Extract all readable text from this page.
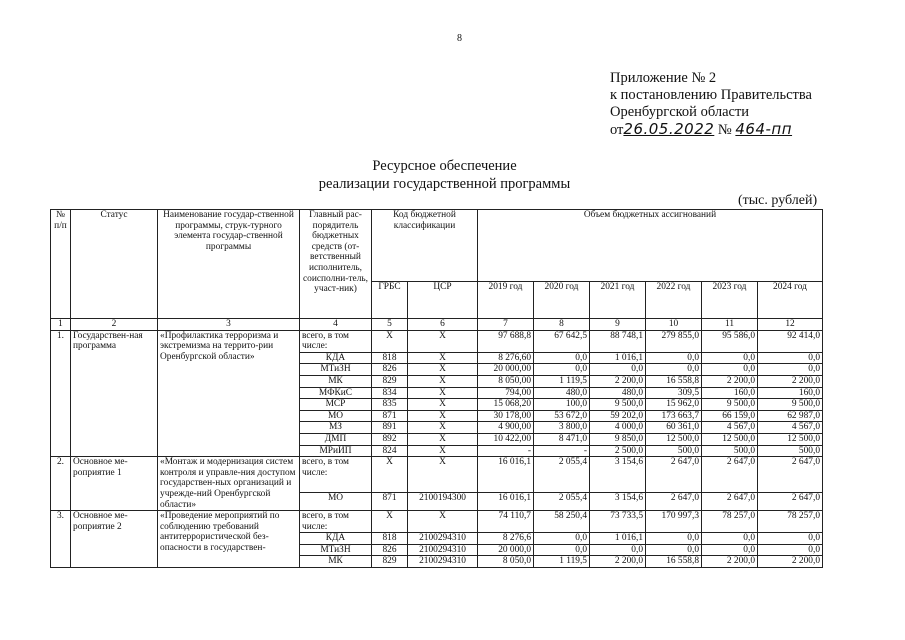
8
Приложение № 2
к постановлению Правительства
Оренбургской области
от26.05.2022 № 464-пп
Ресурсное обеспечение
реализации государственной программы
(тыс. рублей)
№ п/п	Статус	Наименование государ-ственной программы, струк-турного элемента государ-ственной программы	Главный рас-порядитель бюджетных средств (от-ветственный исполнитель, соисполни-тель, участ-ник)	Код бюджетной классификации		Объем бюджетных ассигнований					
				ГРБС	ЦСР	2019 год	2020 год	2021 год	2022 год	2023 год	2024 год
1	2	3	4	5	6	7	8	9	10	11	12
1.	Государствен-ная программа	«Профилактика терроризма и экстремизма на террито-рии Оренбургской области»	всего, в том числе:	Х	Х	97 688,8	67 642,5	88 748,1	279 855,0	95 586,0	92 414,0
			КДА	818	Х	8 276,60	0,0	1 016,1	0,0	0,0	0,0
			МТиЗН	826	Х	20 000,00	0,0	0,0	0,0	0,0	0,0
			МК	829	Х	8 050,00	1 119,5	2 200,0	16 558,8	2 200,0	2 200,0
			МФКиС	834	Х	794,00	480,0	480,0	309,5	160,0	160,0
			МСР	835	Х	15 068,20	100,0	9 500,0	15 962,0	9 500,0	9 500,0
			МО	871	Х	30 178,00	53 672,0	59 202,0	173 663,7	66 159,0	62 987,0
			МЗ	891	Х	4 900,00	3 800,0	4 000,0	60 361,0	4 567,0	4 567,0
			ДМП	892	Х	10 422,00	8 471,0	9 850,0	12 500,0	12 500,0	12 500,0
			МРиИП	824	Х	-	-	2 500,0	500,0	500,0	500,0
2.	Основное ме-роприятие 1	«Монтаж и модернизация систем контроля и управле-ния доступом государствен-ных организаций и учрежде-ний Оренбургской области»	всего, в том числе:	Х	Х	16 016,1	2 055,4	3 154,6	2 647,0	2 647,0	2 647,0
			МО	871	2100194300	16 016,1	2 055,4	3 154,6	2 647,0	2 647,0	2 647,0
3.	Основное ме-роприятие 2	«Проведение мероприятий по соблюдению требований антитеррористической без-опасности в государствен-	всего, в том числе:	Х	Х	74 110,7	58 250,4	73 733,5	170 997,3	78 257,0	78 257,0
			КДА	818	2100294310	8 276,6	0,0	1 016,1	0,0	0,0	0,0
			МТиЗН	826	2100294310	20 000,0	0,0	0,0	0,0	0,0	0,0
			МК	829	2100294310	8 050,0	1 119,5	2 200,0	16 558,8	2 200,0	2 200,0
